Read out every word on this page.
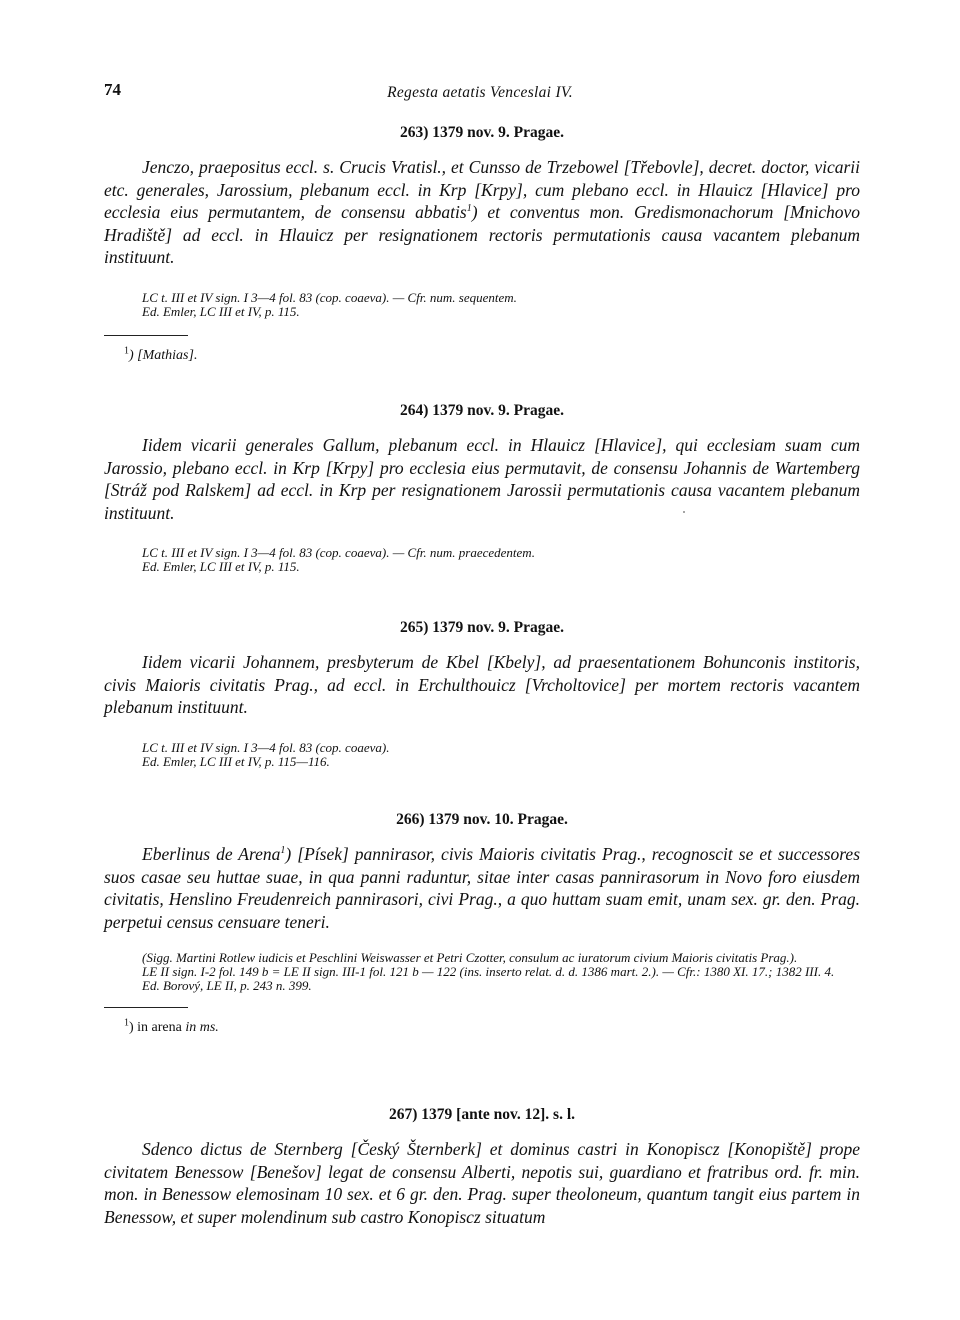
74	Regesta aetatis Venceslai IV.
263) 1379 nov. 9. Pragae.

Jenczo, praepositus eccl. s. Crucis Vratisl., et Cunsso de Trzebowel [Třebovle], decret. doctor, vicarii etc. generales, Jarossium, plebanum eccl. in Krp [Krpy], cum plebano eccl. in Hlauicz [Hlavice] pro ecclesia eius permutantem, de consensu abbatis$^1$) et conventus mon. Gredismonachorum [Mnichovo Hradiště] ad eccl. in Hlauicz per resignationem rectoris permutationis causa vacantem plebanum instituunt.

LC t. III et IV sign. I 3—4 fol. 83 (cop. coaeva). — Cfr. num. sequentem.
Ed. Emler, LC III et IV, p. 115.
$^1$) [Mathias].
264) 1379 nov. 9. Pragae.

Iidem vicarii generales Gallum, plebanum eccl. in Hlauicz [Hlavice], qui ecclesiam suam cum Jarossio, plebano eccl. in Krp [Krpy] pro ecclesia eius permutavit, de consensu Johannis de Wartemberg [Stráž pod Ralskem] ad eccl. in Krp per resignationem Jarossii permutationis causa vacantem plebanum instituunt.

LC t. III et IV sign. I 3—4 fol. 83 (cop. coaeva). — Cfr. num. praecedentem.
Ed. Emler, LC III et IV, p. 115.
265) 1379 nov. 9. Pragae.

Iidem vicarii Johannem, presbyterum de Kbel [Kbely], ad praesentationem Bohunconis institoris, civis Maioris civitatis Prag., ad eccl. in Erchulthouicz [Vrcholtovice] per mortem rectoris vacantem plebanum instituunt.

LC t. III et IV sign. I 3—4 fol. 83 (cop. coaeva).
Ed. Emler, LC III et IV, p. 115—116.
266) 1379 nov. 10. Pragae.

Eberlinus de Arena$^1$) [Písek] pannirasor, civis Maioris civitatis Prag., recognoscit se et successores suos casae seu huttae suae, in qua panni raduntur, sitae inter casas pannirasorum in Novo foro eiusdem civitatis, Henslino Freudenreich pannirasori, civi Prag., a quo huttam suam emit, unam sex. gr. den. Prag. perpetui census censuare teneri.

(Sigg. Martini Rotlew iudicis et Peschlini Weiswasser et Petri Czotter, consulum ac iuratorum civium Maioris civitatis Prag.).
LE II sign. I-2 fol. 149 b = LE II sign. III-1 fol. 121 b — 122 (ins. inserto relat. d. d. 1386 mart. 2.). — Cfr.: 1380 XI. 17.; 1382 III. 4.
Ed. Borový, LE II, p. 243 n. 399.
$^1$) in arena in ms.
267) 1379 [ante nov. 12]. s. l.

Sdenco dictus de Sternberg [Český Šternberk] et dominus castri in Konopiscz [Konopiště] prope civitatem Benessow [Benešov] legat de consensu Alberti, nepotis sui, guardiano et fratribus ord. fr. min. mon. in Benessow elemosinam 10 sex. et 6 gr. den. Prag. super theoloneum, quantum tangit eius partem in Benessow, et super molendinum sub castro Konopiscz situatum
